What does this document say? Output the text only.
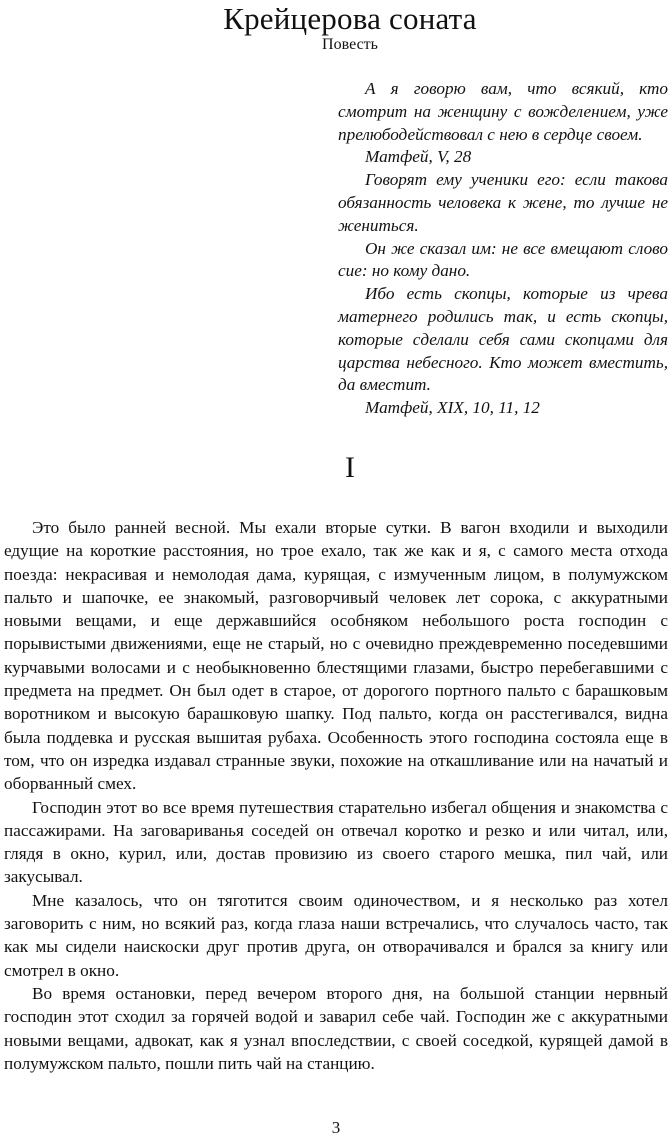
Крейцерова соната
Повесть

А я говорю вам, что всякий, кто смотрит на женщину с вожделением, уже прелюбодействовал с нею в сердце своем.

Матфей, V, 28

Говорят ему ученики его: если такова обязанность человека к жене, то лучше не жениться.

Он же сказал им: не все вмещают слово сие: но кому дано.

Ибо есть скопцы, которые из чрева матернего родились так, и есть скопцы, которые сделали себя сами скопцами для царства небесного. Кто может вместить, да вместит.

Матфей, XIX, 10, 11, 12

I

Это было ранней весной. Мы ехали вторые сутки. В вагон входили и выходили едущие на короткие расстояния, но трое ехало, так же как и я, с самого места отхода поезда: некрасивая и немолодая дама, курящая, с измученным лицом, в полумужском пальто и шапочке, ее знакомый, разговорчивый человек лет сорока, с аккуратными новыми вещами, и еще державшийся особняком небольшого роста господин с порывистыми движениями, еще не старый, но с очевидно преждевременно поседевшими курчавыми волосами и с необыкновенно блестящими глазами, быстро перебегавшими с предмета на предмет. Он был одет в старое, от дорогого портного пальто с барашковым воротником и высокую барашковую шапку. Под пальто, когда он расстегивался, видна была поддевка и русская вышитая рубаха. Особенность этого господина состояла еще в том, что он изредка издавал странные звуки, похожие на откашливание или на начатый и оборванный смех.

Господин этот во все время путешествия старательно избегал общения и знакомства с пассажирами. На заговариванья соседей он отвечал коротко и резко и или читал, или, глядя в окно, курил, или, достав провизию из своего старого мешка, пил чай, или закусывал.

Мне казалось, что он тяготится своим одиночеством, и я несколько раз хотел заговорить с ним, но всякий раз, когда глаза наши встречались, что случалось часто, так как мы сидели наискоски друг против друга, он отворачивался и брался за книгу или смотрел в окно.

Во время остановки, перед вечером второго дня, на большой станции нервный господин этот сходил за горячей водой и заварил себе чай. Господин же с аккуратными новыми вещами, адвокат, как я узнал впоследствии, с своей соседкой, курящей дамой в полумужском пальто, пошли пить чай на станцию.

3
